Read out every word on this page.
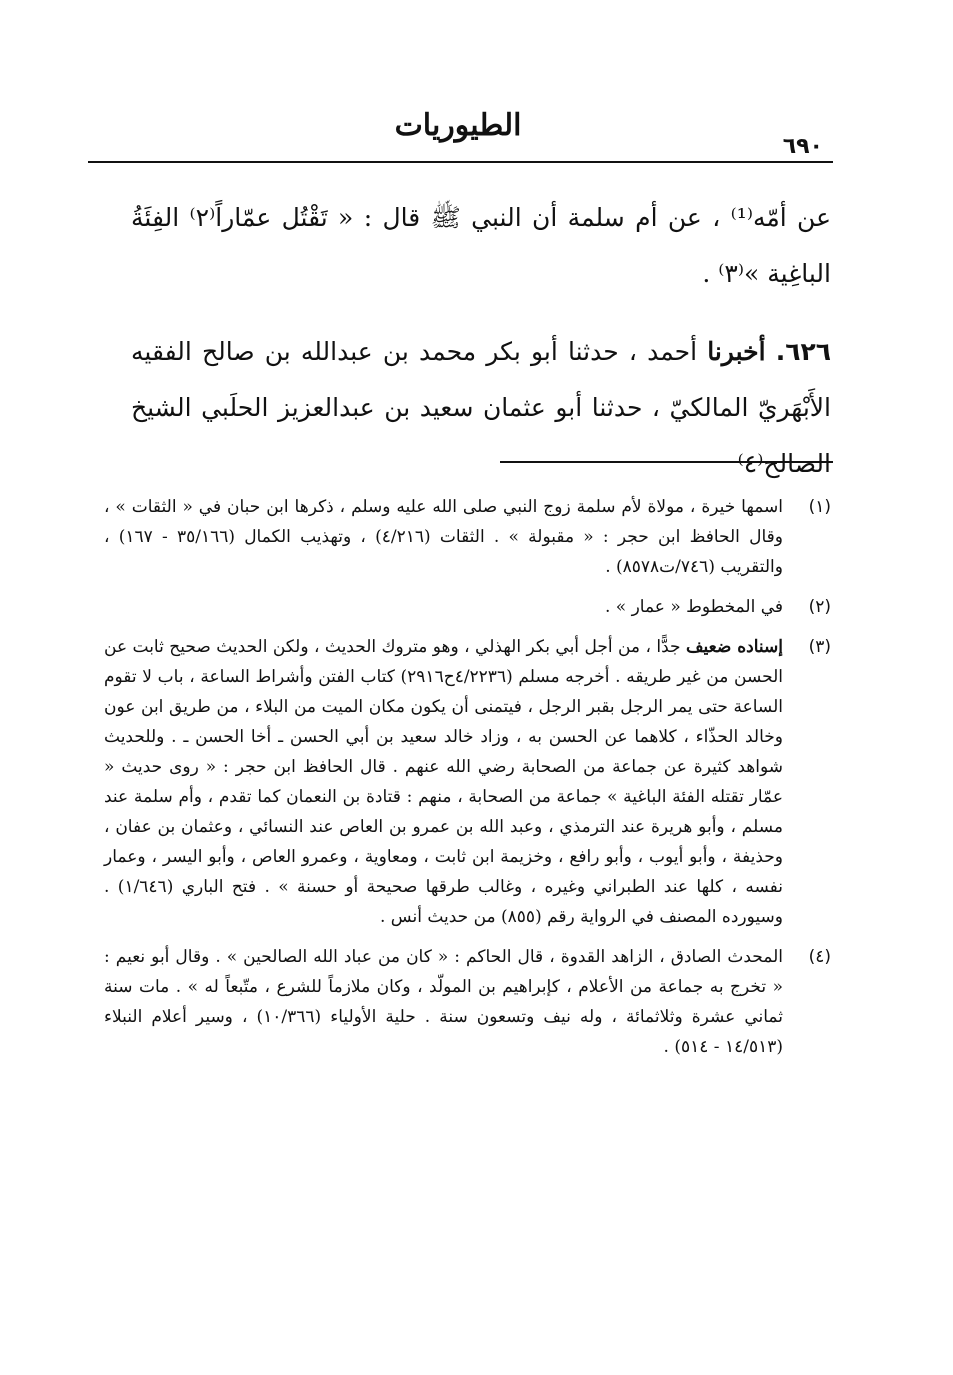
٦٩٠
الطيوريات

عن أمّه⁽¹⁾ ، عن أم سلمة أن النبي ﷺ قال : « تَقْتُل عمّاراً⁽٢⁾ الفِئَةُ الباغِية »⁽٣⁾ .

٦٢٦. أخبرنا أحمد ، حدثنا أبو بكر محمد بن عبدالله بن صالح الفقيه الأَبْهَريّ المالكيّ ، حدثنا أبو عثمان سعيد بن عبدالعزيز الحلَبي الشيخ الصالح⁽٤⁾

(١)
اسمها خيرة ، مولاة لأم سلمة زوج النبي صلى الله عليه وسلم ، ذكرها ابن حبان في « الثقات » ، وقال الحافظ ابن حجر : « مقبولة » . الثقات (٤/٢١٦) ، وتهذيب الكمال (٣٥/١٦٦ - ١٦٧) ، والتقريب (٧٤٦/ت٨٥٧٨) .
(٢)
في المخطوط « عمار » .
(٣)
إسناده ضعيف جدًّا ، من أجل أبي بكر الهذلي ، وهو متروك الحديث ، ولكن الحديث صحيح ثابت عن الحسن من غير طريقه . أخرجه مسلم (٤/٢٢٣٦ح٢٩١٦) كتاب الفتن وأشراط الساعة ، باب لا تقوم الساعة حتى يمر الرجل بقبر الرجل ، فيتمنى أن يكون مكان الميت من البلاء ، من طريق ابن عون وخالد الحذّاء ، كلاهما عن الحسن به ، وزاد خالد سعيد بن أبي الحسن ـ أخا الحسن ـ . وللحديث شواهد كثيرة عن جماعة من الصحابة رضي الله عنهم . قال الحافظ ابن حجر : « روى حديث « عمّار تقتله الفئة الباغية » جماعة من الصحابة ، منهم : قتادة بن النعمان كما تقدم ، وأم سلمة عند مسلم ، وأبو هريرة عند الترمذي ، وعبد الله بن عمرو بن العاص عند النسائي ، وعثمان بن عفان ، وحذيفة ، وأبو أيوب ، وأبو رافع ، وخزيمة ابن ثابت ، ومعاوية ، وعمرو العاص ، وأبو اليسر ، وعمار نفسه ، كلها عند الطبراني وغيره ، وغالب طرقها صحيحة أو حسنة » . فتح الباري (١/٦٤٦) . وسيورده المصنف في الرواية رقم (٨٥٥) من حديث أنس .
(٤)
المحدث الصادق ، الزاهد القدوة ، قال الحاكم : « كان من عباد الله الصالحين » . وقال أبو نعيم : « تخرج به جماعة من الأعلام ، كإبراهيم بن المولّد ، وكان ملازماً للشرع ، متّبعاً له » . مات سنة ثماني عشرة وثلاثمائة ، وله نيف وتسعون سنة . حلية الأولياء (١٠/٣٦٦) ، وسير أعلام النبلاء (١٤/٥١٣ - ٥١٤) .
